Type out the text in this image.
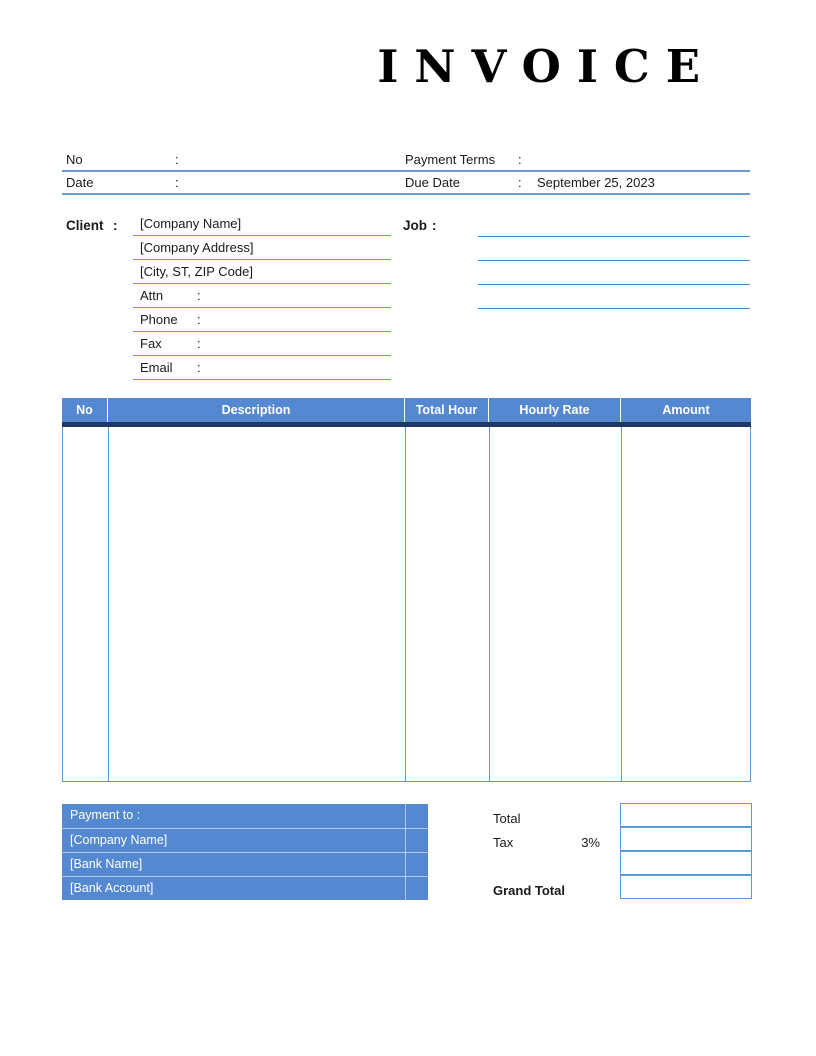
INVOICE
No	:	Payment Terms :
Date	:	Due Date	: September 25, 2023
Client :	[Company Name]
[Company Address]
[City, ST, ZIP Code]
Attn	:
Phone :
Fax	:
Email :
Job :
No	Description	Total Hour	Hourly Rate	Amount
Payment to :
[Company Name]
[Bank Name]
[Bank Account]
Total
Tax	3%
Grand Total
